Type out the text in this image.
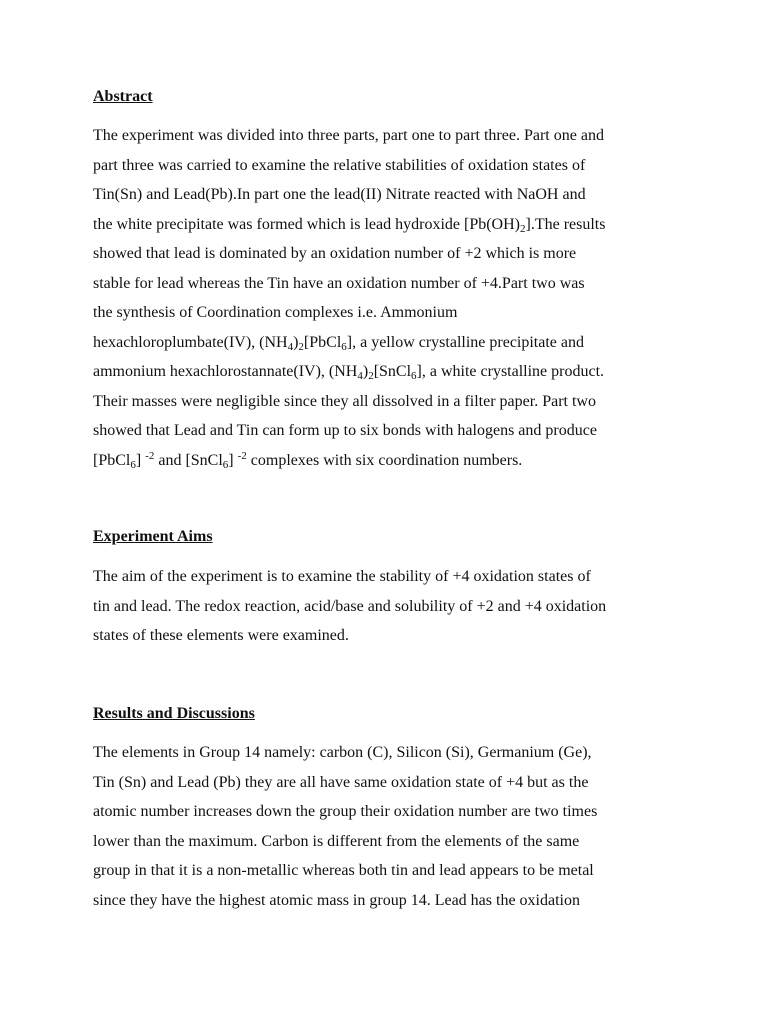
Abstract
The experiment was divided into three parts, part one to part three. Part one and
part three was carried to examine the relative stabilities of oxidation states of
Tin(Sn) and Lead(Pb).In part one the lead(II) Nitrate reacted with NaOH and
the white precipitate was formed which is lead hydroxide $[Pb(OH)_2].The$ results
showed that lead is dominated by an oxidation number of +2 which is more
stable for lead whereas the Tin have an oxidation number of +4.Part two was
the synthesis of Coordination complexes i.e. Ammonium
hexachloroplumbate(IV), $(NH_4)_2[PbCl_6]$, a yellow crystalline precipitate and
ammonium hexachlorostannate(IV), $(NH_4)_2[SnCl_6]$, a white crystalline product.
Their masses were negligible since they all dissolved in a filter paper. Part two
showed that Lead and Tin can form up to six bonds with halogens and produce
[PbCl$_6$] $^{-2}$ and [SnCl$_6$] $^{-2}$ complexes with six coordination numbers.
Experiment Aims
The aim of the experiment is to examine the stability of +4 oxidation states of
tin and lead. The redox reaction, acid/base and solubility of +2 and +4 oxidation
states of these elements were examined.
Results and Discussions
The elements in Group 14 namely: carbon (C), Silicon (Si), Germanium (Ge),
Tin (Sn) and Lead (Pb) they are all have same oxidation state of +4 but as the
atomic number increases down the group their oxidation number are two times
lower than the maximum. Carbon is different from the elements of the same
group in that it is a non-metallic whereas both tin and lead appears to be metal
since they have the highest atomic mass in group 14. Lead has the oxidation
